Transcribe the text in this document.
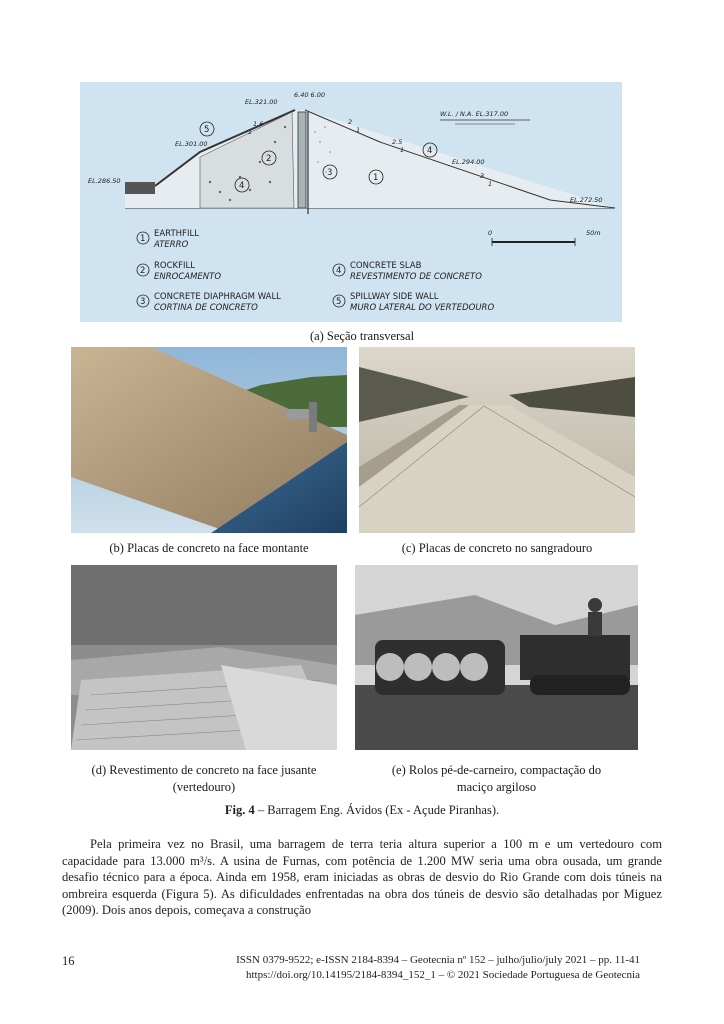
EL.321.00
6.40 6.00
EL.301.00
EL.286.50
W.L. / N.A. EL.317.00
EL.294.00
EL.272.50
1.6
1
2
1
2.5
1
3
1
5
2
3	1
4
4
0	50m
1 EARTHFILL
ATERRO
2 ROCKFILL
ENROCAMENTO
3 CONCRETE DIAPHRAGM WALL
CORTINA DE CONCRETO
4 CONCRETE SLAB
REVESTIMENTO DE CONCRETO
5 SPILLWAY SIDE WALL
MURO LATERAL DO VERTEDOURO
(a) Seção transversal
(b) Placas de concreto na face montante	(c) Placas de concreto no sangradouro
(d) Revestimento de concreto na face jusante
(vertedouro)
(e) Rolos pé-de-carneiro, compactação do
maciço argiloso
Fig. 4 – Barragem Eng. Ávidos (Ex - Açude Piranhas).

Pela primeira vez no Brasil, uma barragem de terra teria altura superior a 100 m e um vertedouro com capacidade para 13.000 m³/s. A usina de Furnas, com potência de 1.200 MW seria uma obra ousada, um grande desafio técnico para a época. Ainda em 1958, eram iniciadas as obras de desvio do Rio Grande com dois túneis na ombreira esquerda (Figura 5). As dificuldades enfrentadas na obra dos túneis de desvio são detalhadas por Miguez (2009). Dois anos depois, começava a construção

16	ISSN 0379-9522; e-ISSN 2184-8394 – Geotecnia nº 152 – julho/julio/july 2021 – pp. 11-41
https://doi.org/10.14195/2184-8394_152_1 – © 2021 Sociedade Portuguesa de Geotecnia
